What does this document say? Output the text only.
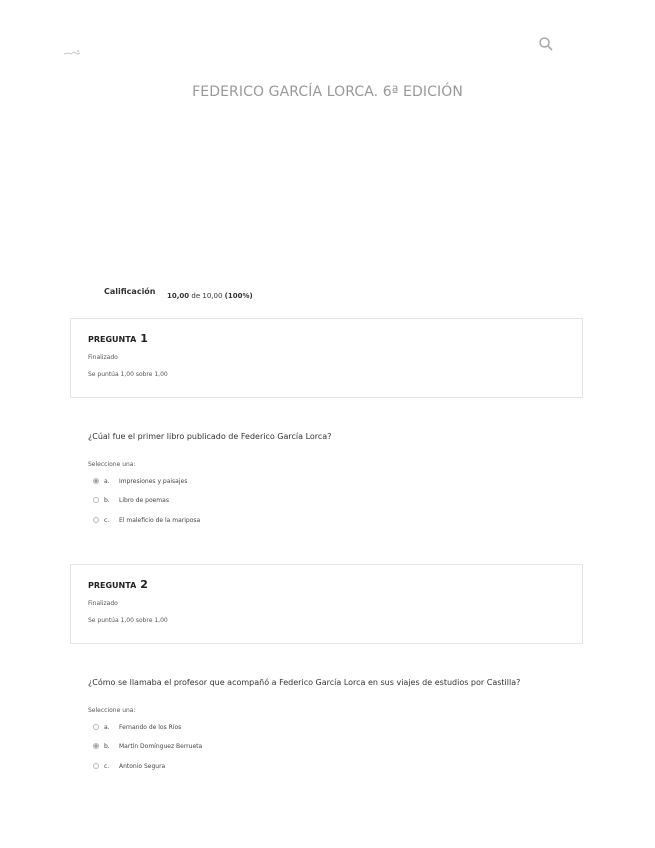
FEDERICO GARCÍA LORCA. 6ª EDICIÓN
Calificación 10,00 de 10,00 (100%)
PREGUNTA 1
Finalizado
Se puntúa 1,00 sobre 1,00
¿Cúal fue el primer libro publicado de Federico García Lorca?
Seleccione una:
a.	Impresiones y paisajes
b.	Libro de poemas
c.	El maleficio de la mariposa
PREGUNTA 2
Finalizado
Se puntúa 1,00 sobre 1,00
¿Cómo se llamaba el profesor que acompañó a Federico García Lorca en sus viajes de estudios por Castilla?
Seleccione una:
a.	Fernando de los Ríos
b.	Martín Domínguez Berrueta
c.	Antonio Segura
